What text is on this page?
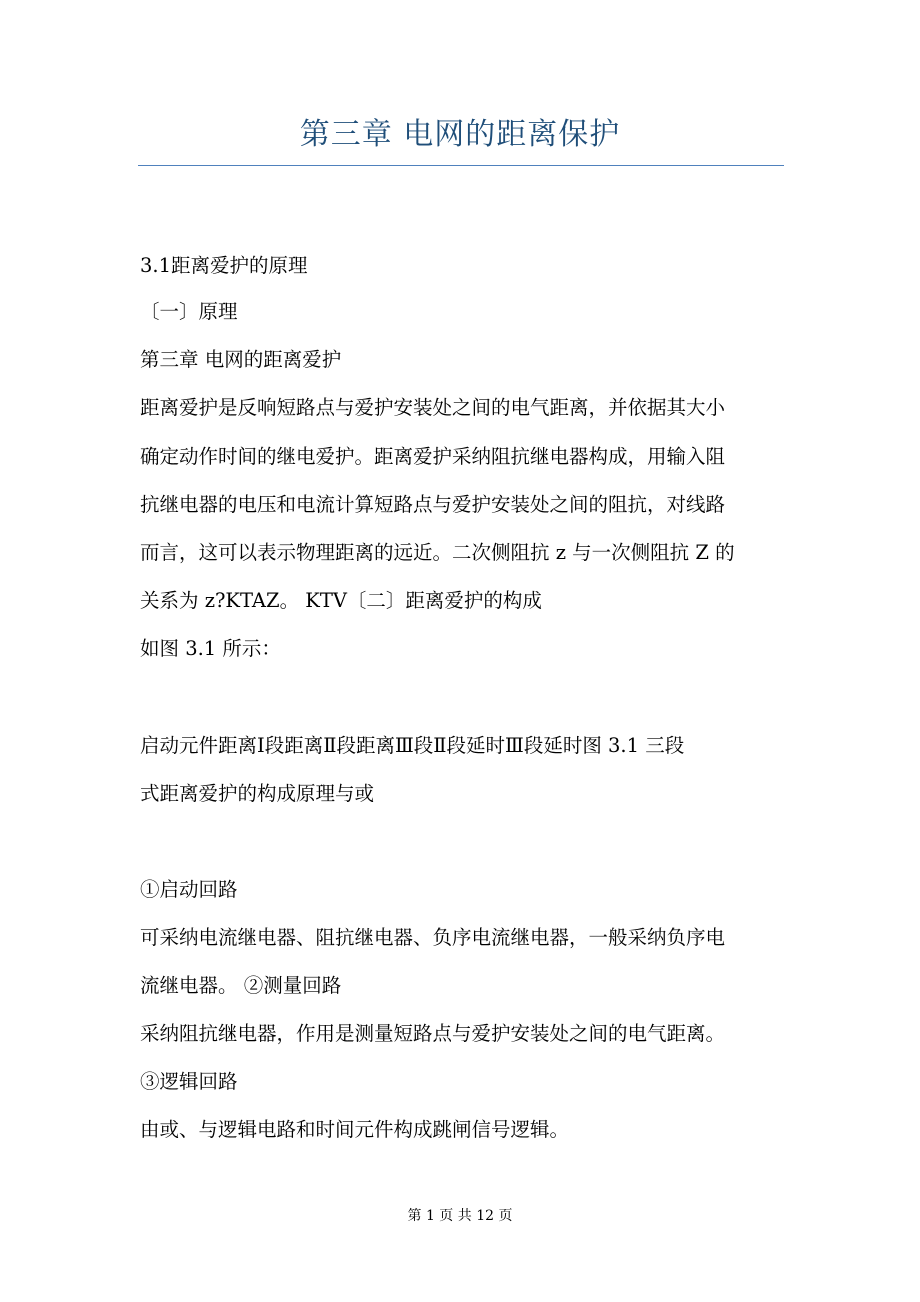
第三章 电网的距离保护
3.1距离爱护的原理
〔一〕原理
第三章 电网的距离爱护
距离爱护是反响短路点与爱护安装处之间的电气距离，并依据其大小
确定动作时间的继电爱护。距离爱护采纳阻抗继电器构成，用输入阻
抗继电器的电压和电流计算短路点与爱护安装处之间的阻抗，对线路
而言，这可以表示物理距离的远近。二次侧阻抗 z 与一次侧阻抗 Z 的
关系为 z?KTAZ。 KTV〔二〕距离爱护的构成
如图 3.1 所示：
启动元件距离Ⅰ段距离Ⅱ段距离Ⅲ段Ⅱ段延时Ⅲ段延时图 3.1 三段
式距离爱护的构成原理与或
①启动回路
可采纳电流继电器、阻抗继电器、负序电流继电器，一般采纳负序电
流继电器。 ②测量回路
采纳阻抗继电器，作用是测量短路点与爱护安装处之间的电气距离。
③逻辑回路
由或、与逻辑电路和时间元件构成跳闸信号逻辑。
第 1 页 共 12 页
